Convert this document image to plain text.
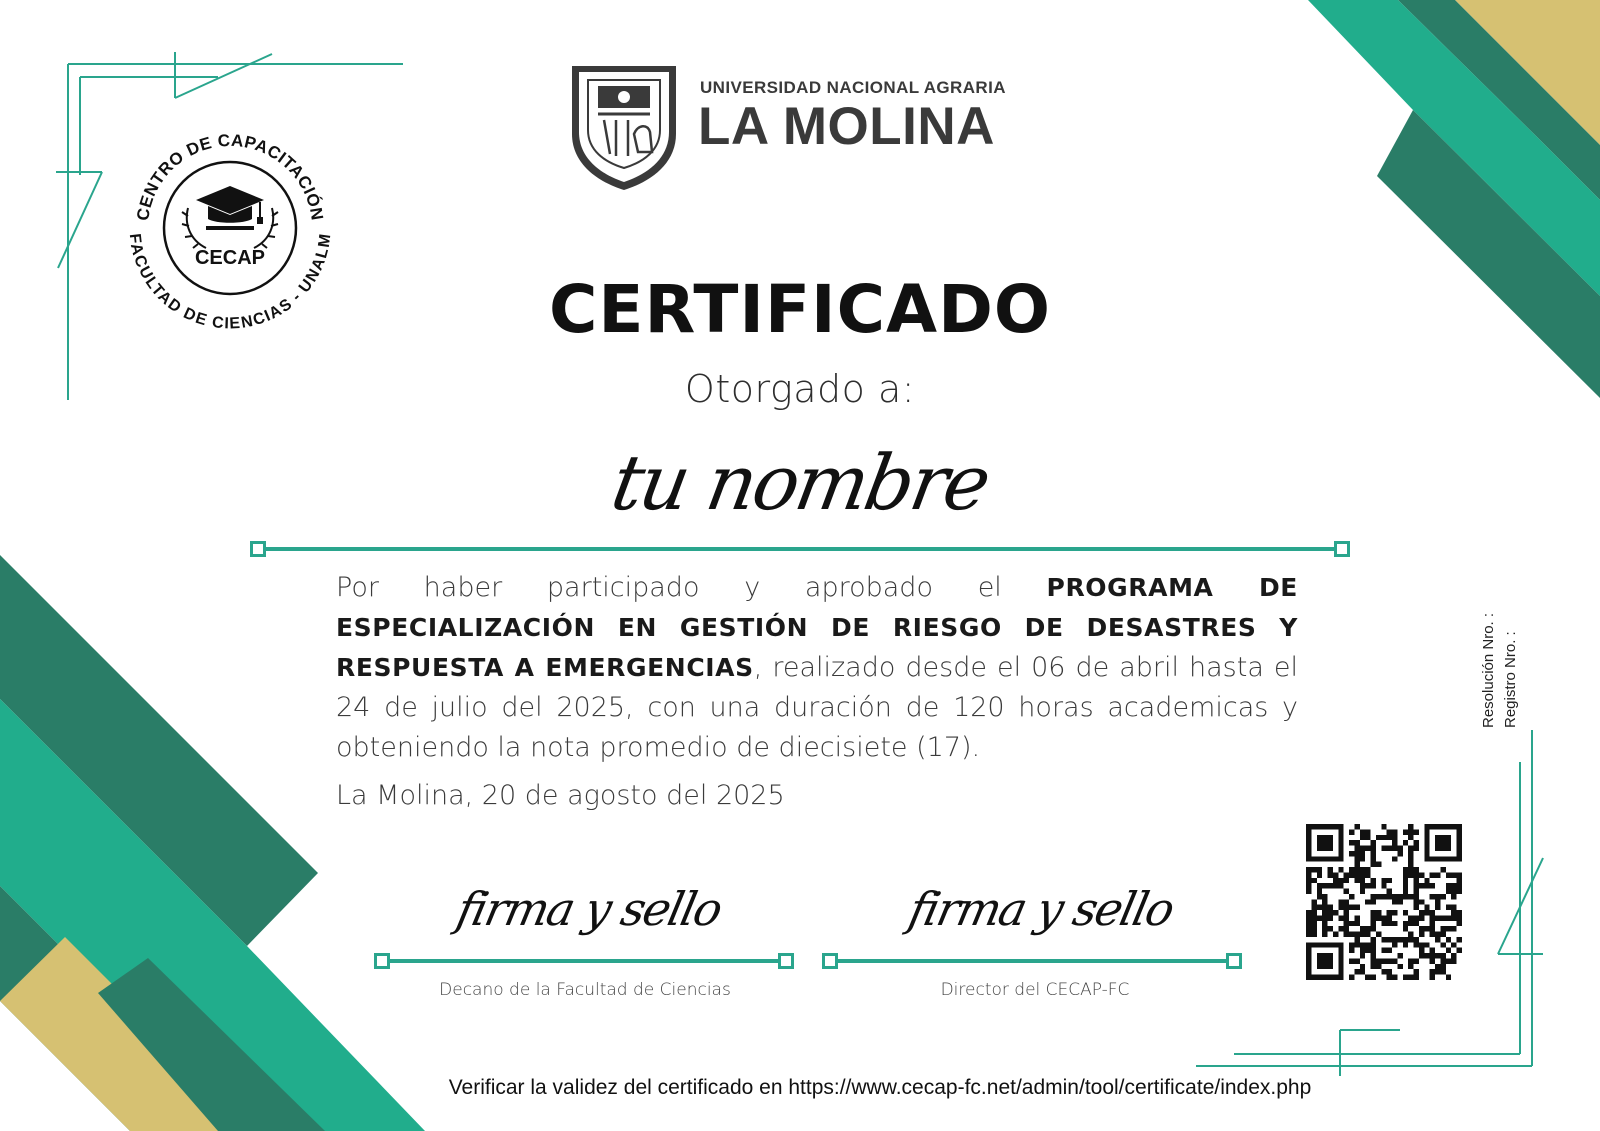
HOMINEM
UNIVERSIDAD NACIONAL AGRARIA
LA MOLINA
CENTRO DE CAPACITACIÓN
FACULTAD DE CIENCIAS - UNALM
CECAP
CERTIFICADO
Otorgado a:
tu nombre
Por haber participado y aprobado el PROGRAMA DE ESPECIALIZACIÓN EN GESTIÓN DE RIESGO DE DESASTRES Y RESPUESTA A EMERGENCIAS, realizado desde el 06 de abril hasta el 24 de julio del 2025, con una duración de 120 horas academicas y obteniendo la nota promedio de diecisiete (17).
La Molina, 20 de agosto del 2025
firma y sello
Decano de la Facultad de Ciencias
firma y sello
Director del CECAP-FC
Resolución Nro. : Registro Nro. :
Verificar la validez del certificado en https://www.cecap-fc.net/admin/tool/certificate/index.php
